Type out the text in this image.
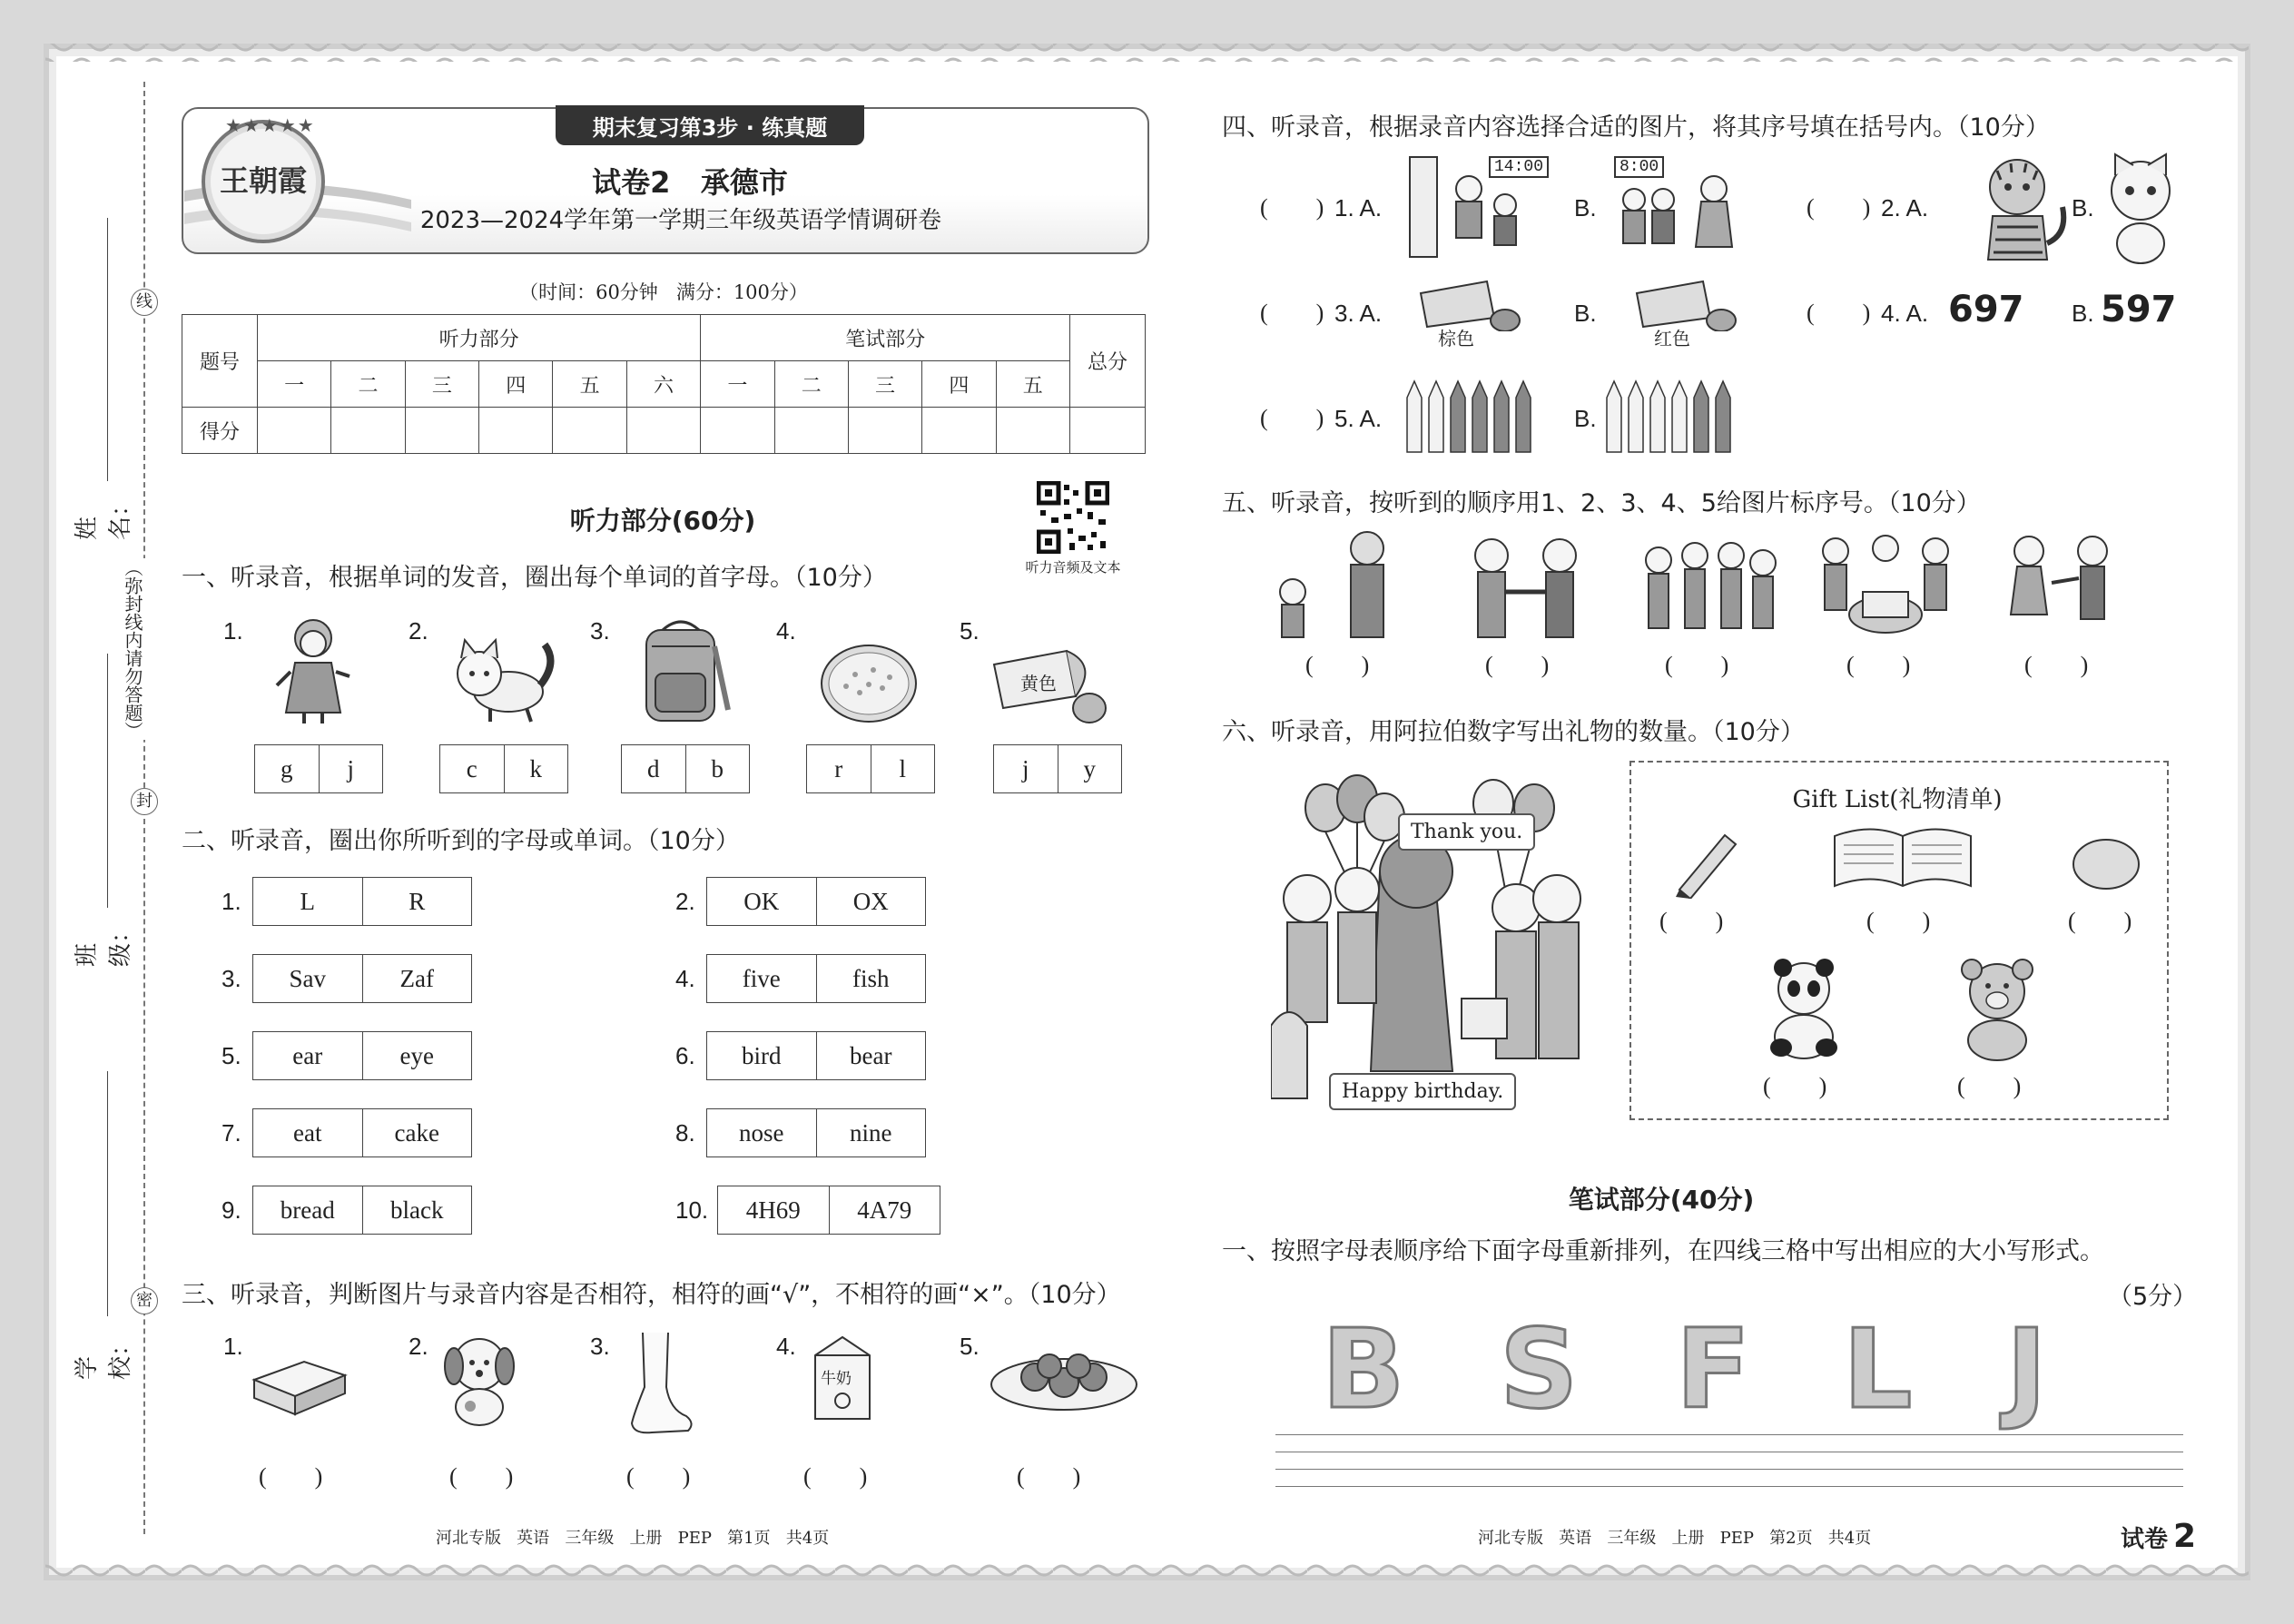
线
封
密
（弥封线内请勿答题）
学校：
班级：
姓名：
期末复习第3步 · 练真题
王朝霞
★★★★★
试卷2   承德市
2023—2024学年第一学期三年级英语学情调研卷
（时间：60分钟   满分：100分）
题号	听力部分						笔试部分					总分
	一	二	三	四	五	六	一	二	三	四	五	
得分												
听力部分(60分)
听力音频及文本
一、听录音，根据单词的发音，圈出每个单词的首字母。（10分）
1.	2.	3.	4.	5.
黄色
g	j	c	k	d	b	r	l	j	y
二、听录音，圈出你所听到的字母或单词。（10分）
1.	L	R	2.	OK	OX
3.	Sav	Zaf	4.	five	fish
5.	ear	eye	6.	bird	bear
7.	eat	cake	8.	nose	nine
9.	bread	black	10.	4H69	4A79
三、听录音，判断图片与录音内容是否相符，相符的画“√”，不相符的画“×”。（10分）
1.	2.	3.	4.	5.
牛奶
(      )	(      )	(      )	(      )	(      )
河北专版   英语   三年级   上册   PEP   第1页   共4页
四、听录音，根据录音内容选择合适的图片，将其序号填在括号内。（10分）
(      ) 1. A.
14:00
B.
8:00
(      ) 2. A.	B.
(      ) 3. A.
棕色
B.
红色
(      ) 4. A. 697 B. 597
(      ) 5. A.	B.
五、听录音，按听到的顺序用1、2、3、4、5给图片标序号。（10分）
(      )	(      )	(      )	(      )	(      )
六、听录音，用阿拉伯数字写出礼物的数量。（10分）
Thank you.
Happy birthday.
Gift List(礼物清单)
(      )	(      )	(      )
(      )	(      )
笔试部分(40分)
一、按照字母表顺序给下面字母重新排列，在四线三格中写出相应的大小写形式。
（5分）
B S F L J
河北专版   英语   三年级   上册   PEP   第2页   共4页	试卷 2
